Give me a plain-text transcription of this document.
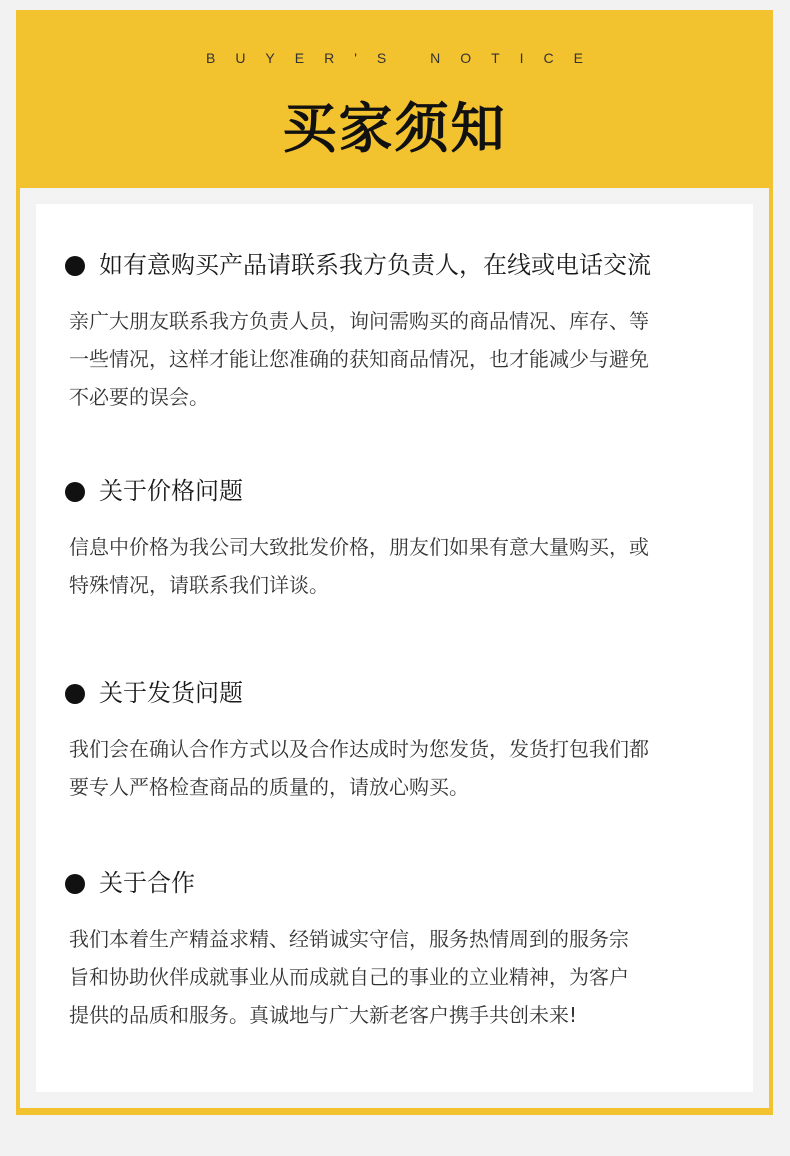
BUYER'S NOTICE
买家须知
如有意购买产品请联系我方负责人，在线或电话交流
亲广大朋友联系我方负责人员，询问需购买的商品情况、库存、等
一些情况，这样才能让您准确的获知商品情况，也才能减少与避免
不必要的误会。
关于价格问题
信息中价格为我公司大致批发价格，朋友们如果有意大量购买，或
特殊情况，请联系我们详谈。
关于发货问题
我们会在确认合作方式以及合作达成时为您发货，发货打包我们都
要专人严格检查商品的质量的，请放心购买。
关于合作
我们本着生产精益求精、经销诚实守信，服务热情周到的服务宗
旨和协助伙伴成就事业从而成就自己的事业的立业精神，为客户
提供的品质和服务。真诚地与广大新老客户携手共创未来!
